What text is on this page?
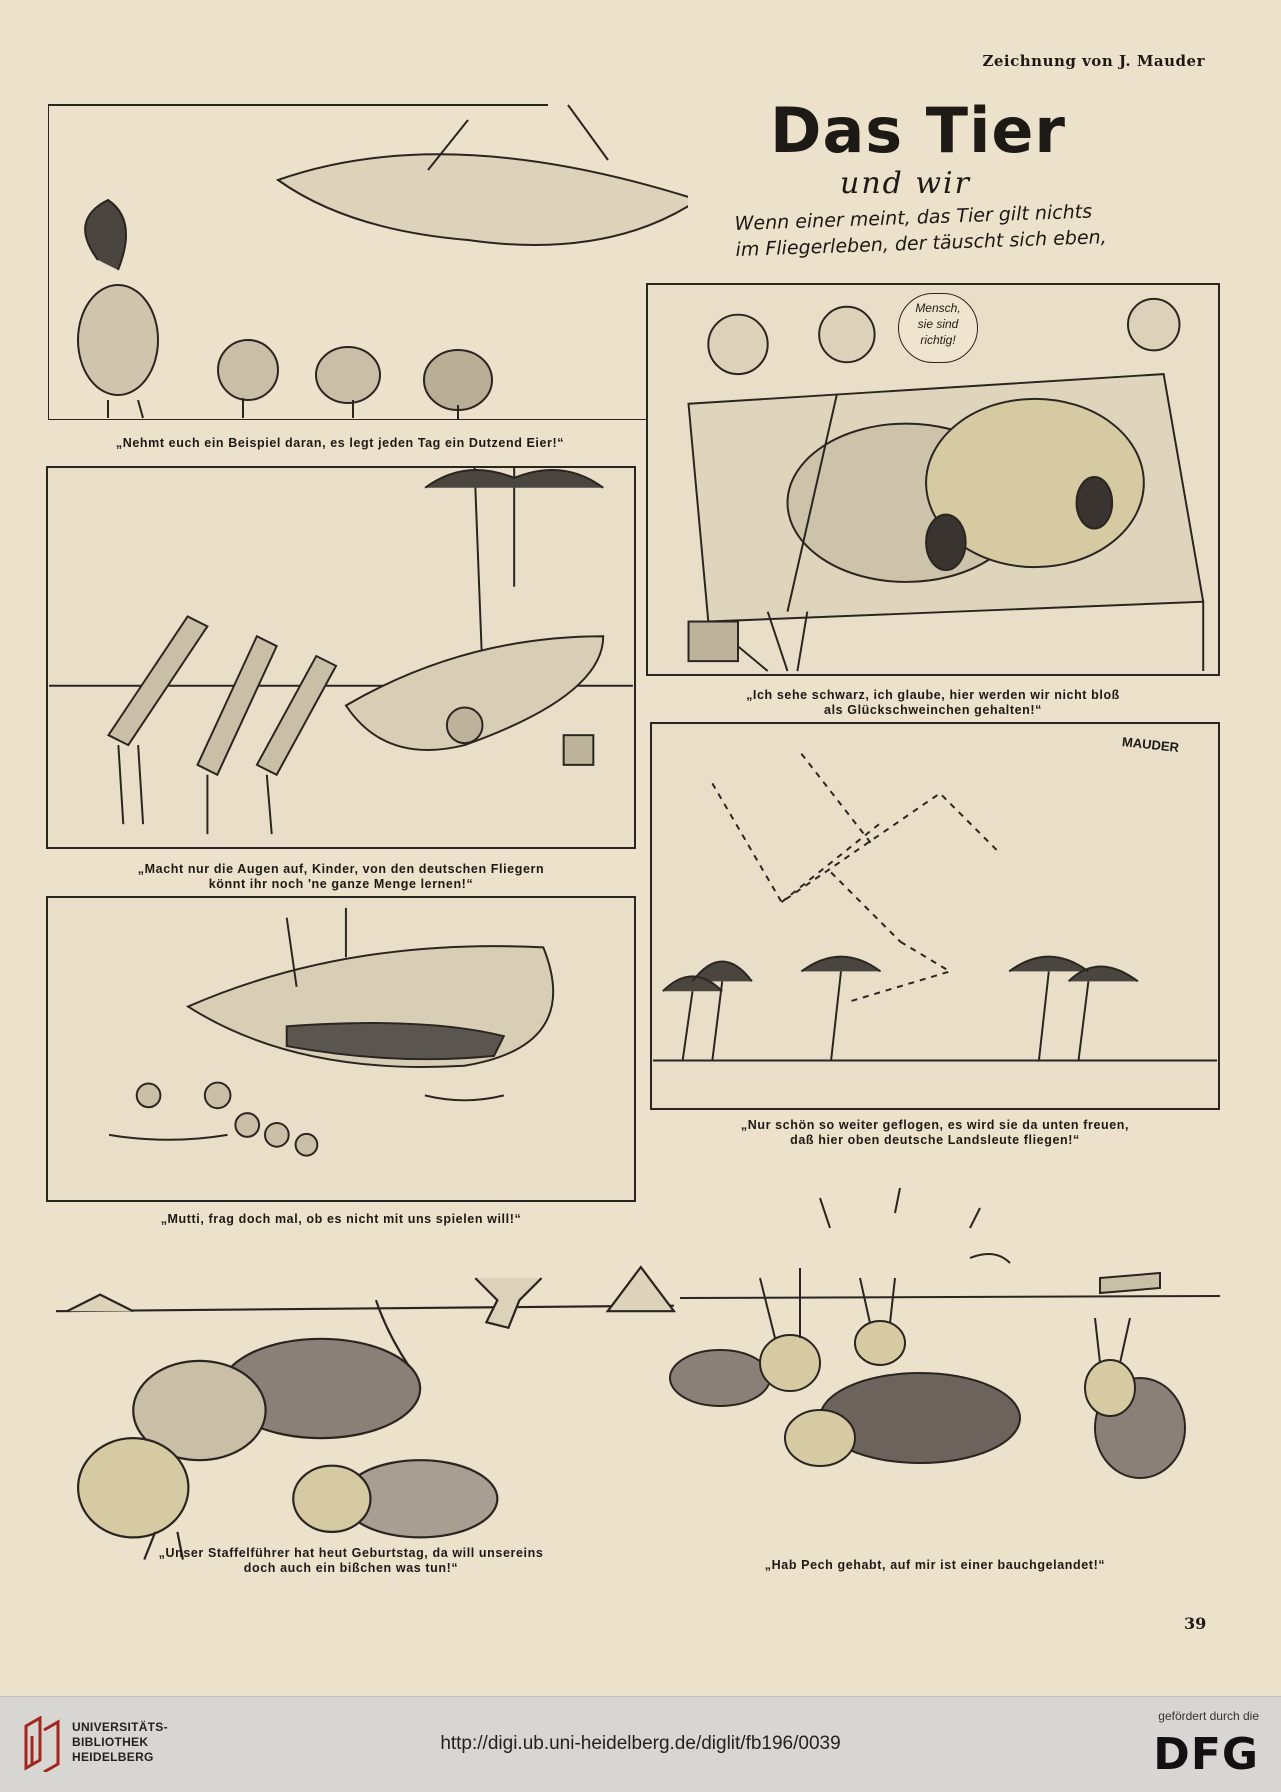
Zeichnung von J. Mauder
Das Tier
und wir
Wenn einer meint, das Tier gilt nichts
im Fliegerleben, der täuscht sich eben,
„Nehmt euch ein Beispiel daran, es legt jeden Tag ein Dutzend Eier!“
Mensch,
sie sind
richtig!
„Ich sehe schwarz, ich glaube, hier werden wir nicht bloß
als Glückschweinchen gehalten!“
„Macht nur die Augen auf, Kinder, von den deutschen Fliegern
könnt ihr noch 'ne ganze Menge lernen!“
MAUDER
„Nur schön so weiter geflogen, es wird sie da unten freuen,
daß hier oben deutsche Landsleute fliegen!“
„Mutti, frag doch mal, ob es nicht mit uns spielen will!“
„Unser Staffelführer hat heut Geburtstag, da will unsereins
doch auch ein bißchen was tun!“	„Hab Pech gehabt, auf mir ist einer bauchgelandet!“
39
UNIVERSITÄTS-
BIBLIOTHEK
HEIDELBERG
http://digi.ub.uni-heidelberg.de/diglit/fb196/0039
gefördert durch die
DFG
